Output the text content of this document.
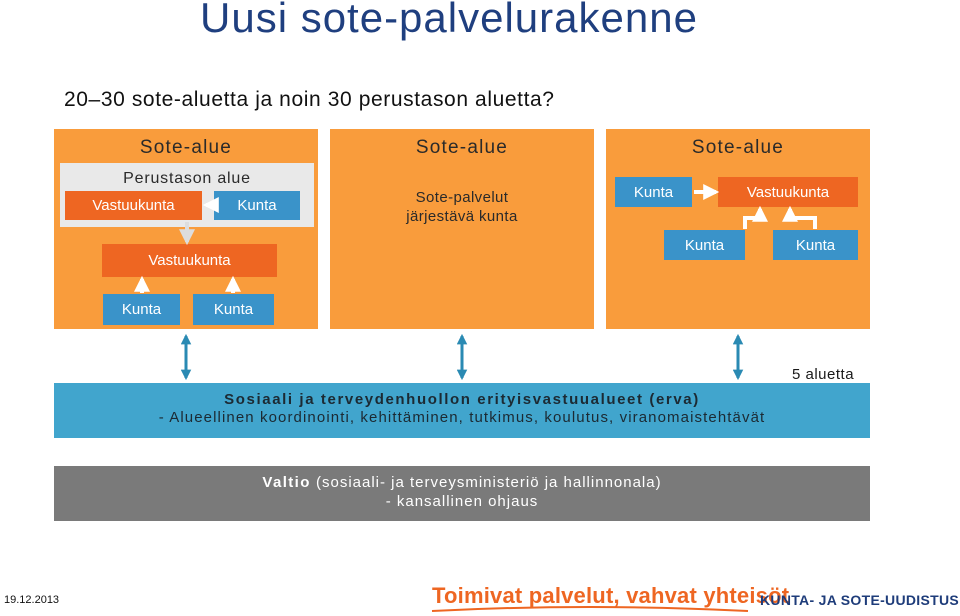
Uusi sote-palvelurakenne
20–30 sote-aluetta ja noin 30 perustason aluetta?
Sote-alue
Perustason alue
Vastuukunta	Kunta
Vastuukunta
Kunta	Kunta
Sote-alue
Sote-palvelut
järjestävä kunta
Sote-alue
Kunta	Vastuukunta
Kunta	Kunta
5 aluetta
Sosiaali ja terveydenhuollon erityisvastuualueet (erva)
- Alueellinen koordinointi, kehittäminen, tutkimus, koulutus, viranomaistehtävät
Valtio (sosiaali- ja terveysministeriö ja hallinnonala)
- kansallinen ohjaus
19.12.2013	Toimivat palvelut, vahvat yhteisöt
KUNTA- JA SOTE-UUDISTUS
